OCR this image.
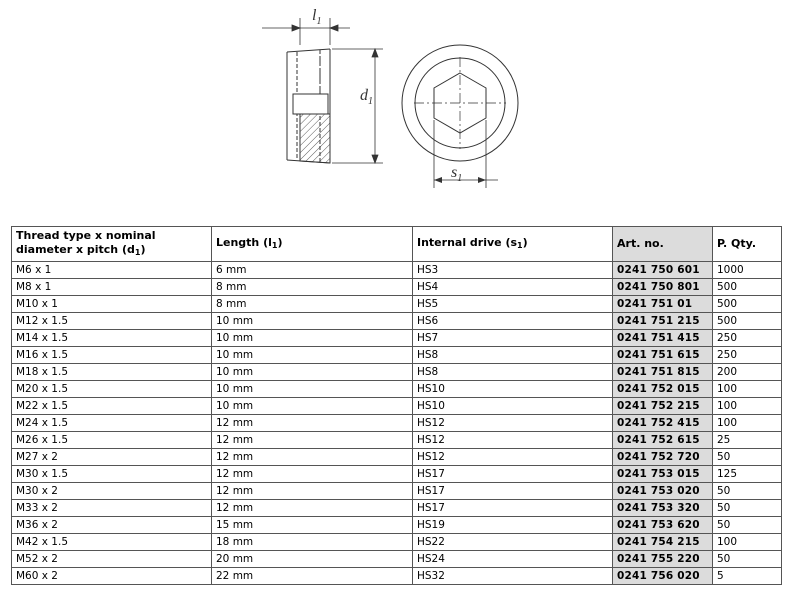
$l_1$
$d_1$
$s_1$
Thread type x nominal diameter x pitch $(d_1)$	Length $(l_1)$	Internal drive $(s_1)$	Art. no.	P. Qty.
M6 x 1	6 mm	HS3	0241 750 601	1000
M8 x 1	8 mm	HS4	0241 750 801	500
M10 x 1	8 mm	HS5	0241 751 01	500
M12 x 1.5	10 mm	HS6	0241 751 215	500
M14 x 1.5	10 mm	HS7	0241 751 415	250
M16 x 1.5	10 mm	HS8	0241 751 615	250
M18 x 1.5	10 mm	HS8	0241 751 815	200
M20 x 1.5	10 mm	HS10	0241 752 015	100
M22 x 1.5	10 mm	HS10	0241 752 215	100
M24 x 1.5	12 mm	HS12	0241 752 415	100
M26 x 1.5	12 mm	HS12	0241 752 615	25
M27 x 2	12 mm	HS12	0241 752 720	50
M30 x 1.5	12 mm	HS17	0241 753 015	125
M30 x 2	12 mm	HS17	0241 753 020	50
M33 x 2	12 mm	HS17	0241 753 320	50
M36 x 2	15 mm	HS19	0241 753 620	50
M42 x 1.5	18 mm	HS22	0241 754 215	100
M52 x 2	20 mm	HS24	0241 755 220	50
M60 x 2	22 mm	HS32	0241 756 020	5
